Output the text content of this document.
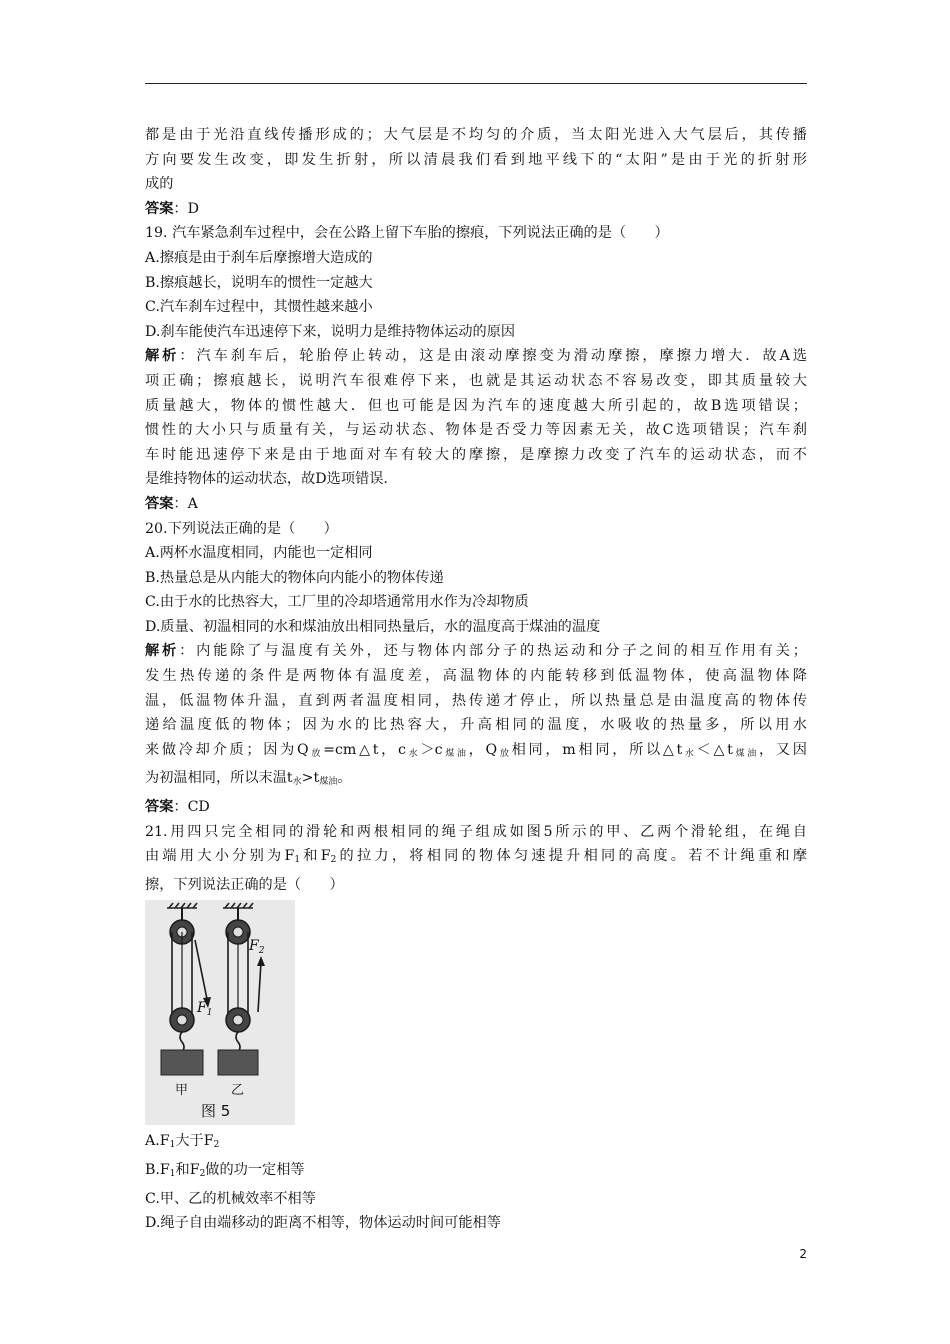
都是由于光沿直线传播形成的；大气层是不均匀的介质，当太阳光进入大气层后，其传播

方向要发生改变，即发生折射，所以清晨我们看到地平线下的“太阳”是由于光的折射形

成的

答案：D

19. 汽车紧急刹车过程中，会在公路上留下车胎的擦痕，下列说法正确的是（　　）

A.擦痕是由于刹车后摩擦增大造成的

B.擦痕越长，说明车的惯性一定越大

C.汽车刹车过程中，其惯性越来越小

D.刹车能使汽车迅速停下来，说明力是维持物体运动的原因

解析：汽车刹车后，轮胎停止转动，这是由滚动摩擦变为滑动摩擦，摩擦力增大．故A选

项正确；擦痕越长，说明汽车很难停下来，也就是其运动状态不容易改变，即其质量较大

质量越大，物体的惯性越大．但也可能是因为汽车的速度越大所引起的，故B选项错误；

惯性的大小只与质量有关，与运动状态、物体是否受力等因素无关，故C选项错误；汽车刹

车时能迅速停下来是由于地面对车有较大的摩擦，是摩擦力改变了汽车的运动状态，而不

是维持物体的运动状态，故D选项错误.

答案：A

20.下列说法正确的是（　　）

A.两杯水温度相同，内能也一定相同

B.热量总是从内能大的物体向内能小的物体传递

C.由于水的比热容大，工厂里的冷却塔通常用水作为冷却物质

D.质量、初温相同的水和煤油放出相同热量后，水的温度高于煤油的温度

解析：内能除了与温度有关外，还与物体内部分子的热运动和分子之间的相互作用有关；

发生热传递的条件是两物体有温度差，高温物体的内能转移到低温物体，使高温物体降

温，低温物体升温，直到两者温度相同，热传递才停止，所以热量总是由温度高的物体传

递给温度低的物体；因为水的比热容大，升高相同的温度，水吸收的热量多，所以用水

来做冷却介质；因为$Q_放=cm\triangle t$，$c_水>c_{煤油}$，$Q_放$相同，m相同，所以$\triangle t_水<\triangle t_{煤油}$，又因

为初温相同，所以末温$t_水>t_{煤油}$。

答案：CD

21.用四只完全相同的滑轮和两根相同的绳子组成如图5所示的甲、乙两个滑轮组，在绳自

由端用大小分别为F1和F2的拉力，将相同的物体匀速提升相同的高度。若不计绳重和摩

擦，下列说法正确的是（　　）

$F_1$
$F_2$
甲	乙
图 5

A.F1大于F2

B.F1和F2做的功一定相等

C.甲、乙的机械效率不相等

D.绳子自由端移动的距离不相等，物体运动时间可能相等

2
